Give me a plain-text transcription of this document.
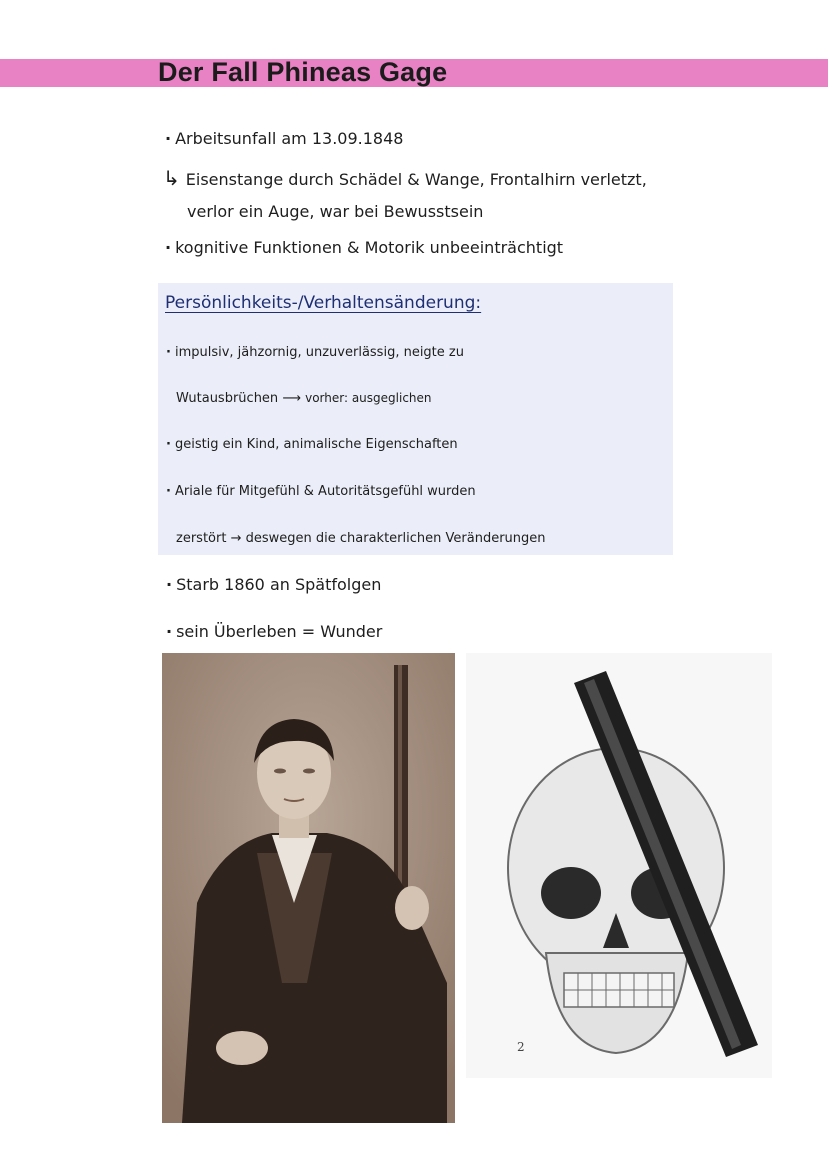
Der Fall Phineas Gage
· Arbeitsunfall am 13.09.1848
↳ Eisenstange durch Schädel & Wange, Frontalhirn verletzt,
verlor ein Auge, war bei Bewusstsein
· kognitive Funktionen & Motorik unbeeinträchtigt
Persönlichkeits-/Verhaltensänderung:
· impulsiv, jähzornig, unzuverlässig, neigte zu
Wutausbrüchen ⟶ vorher: ausgeglichen
· geistig ein Kind, animalische Eigenschaften
· Ariale für Mitgefühl & Autoritätsgefühl wurden
zerstört → deswegen die charakterlichen Veränderungen
· Starb 1860 an Spätfolgen
· sein Überleben = Wunder
2
